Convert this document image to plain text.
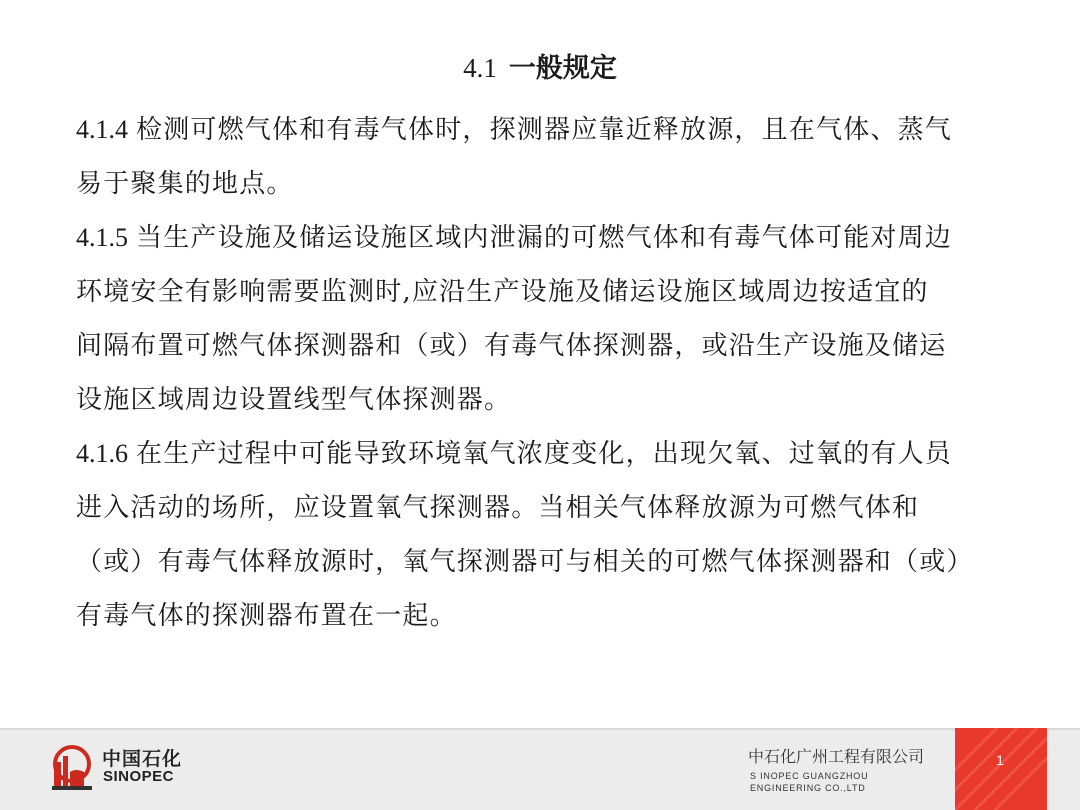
4.1 一般规定
4.1.4 检测可燃气体和有毒气体时，探测器应靠近释放源，且在气体、蒸气
易于聚集的地点。
4.1.5 当生产设施及储运设施区域内泄漏的可燃气体和有毒气体可能对周边
环境安全有影响需要监测时,应沿生产设施及储运设施区域周边按适宜的
间隔布置可燃气体探测器和（或）有毒气体探测器，或沿生产设施及储运
设施区域周边设置线型气体探测器。
4.1.6 在生产过程中可能导致环境氧气浓度变化，出现欠氧、过氧的有人员
进入活动的场所，应设置氧气探测器。当相关气体释放源为可燃气体和
（或）有毒气体释放源时，氧气探测器可与相关的可燃气体探测器和（或）
有毒气体的探测器布置在一起。
中国石化
SINOPEC
中石化广州工程有限公司
S INOPEC GUANGZHOU ENGINEERING CO.,LTD
1
